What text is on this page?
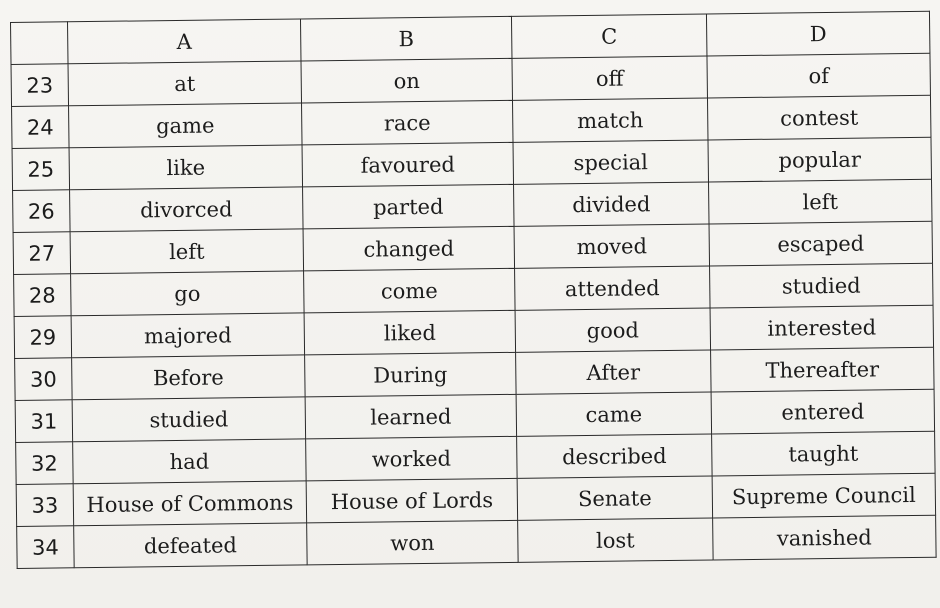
	A	B	C	D
23	at	on	off	of
24	game	race	match	contest
25	like	favoured	special	popular
26	divorced	parted	divided	left
27	left	changed	moved	escaped
28	go	come	attended	studied
29	majored	liked	good	interested
30	Before	During	After	Thereafter
31	studied	learned	came	entered
32	had	worked	described	taught
33	House of Commons	House of Lords	Senate	Supreme Council
34	defeated	won	lost	vanished
